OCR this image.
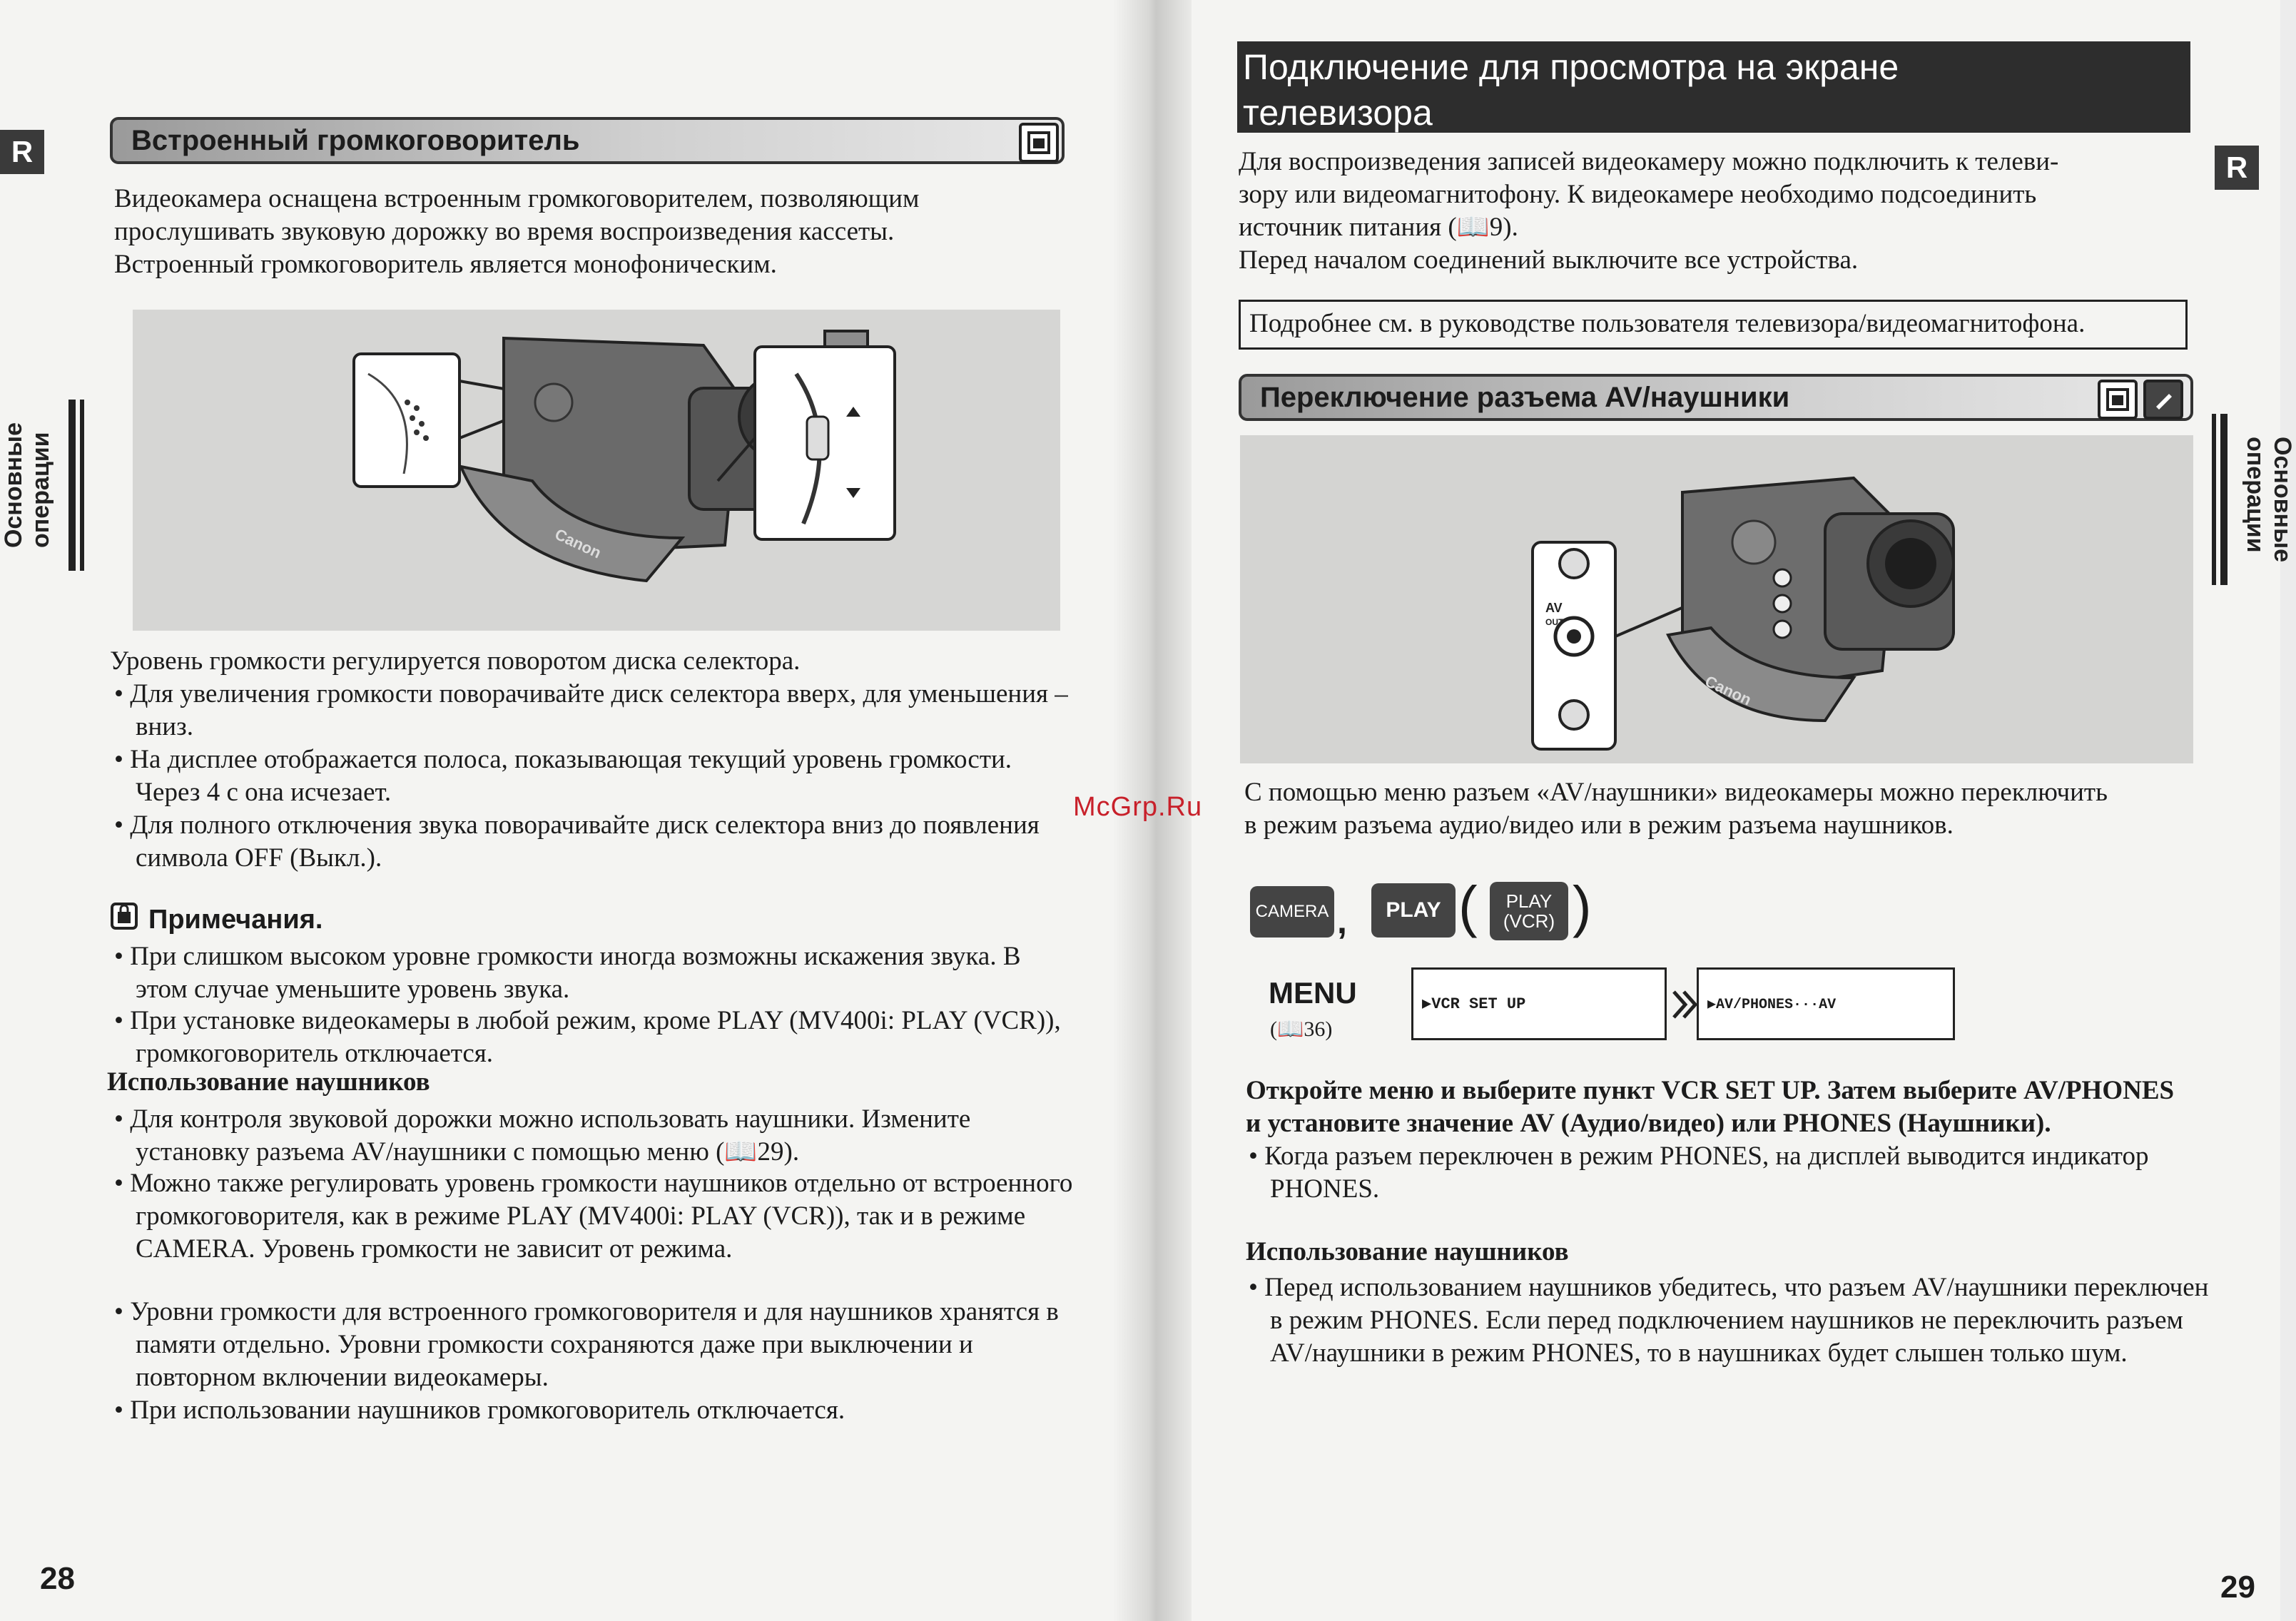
R
Основные
операции
Встроенный громкоговоритель
Видеокамера оснащена встроенным громкоговорителем, позволяющим
прослушивать звуковую дорожку во время воспроизведения кассеты.
Встроенный громкоговоритель является монофоническим.
Canon
Уровень громкости регулируется поворотом диска селектора.
• Для увеличения громкости поворачивайте диск селектора вверх, для уменьшения – вниз.
• На дисплее отображается полоса, показывающая текущий уровень громкости. Через 4 с она исчезает.
• Для полного отключения звука поворачивайте диск селектора вниз до появления символа OFF (Выкл.).
Примечания.
• При слишком высоком уровне громкости иногда возможны искажения звука. В этом случае уменьшите уровень звука.
• При установке видеокамеры в любой режим, кроме PLAY (MV400i: PLAY (VCR)), громкоговоритель отключается.
Использование наушников
• Для контроля звуковой дорожки можно использовать наушники. Измените установку разъема AV/наушники с помощью меню (📖29).
• Можно также регулировать уровень громкости наушников отдельно от встроенного громкоговорителя, как в режиме PLAY (MV400i: PLAY (VCR)), так и в режиме CAMERA. Уровень громкости не зависит от режима.
• Уровни громкости для встроенного громкоговорителя и для наушников хранятся в памяти отдельно. Уровни громкости сохраняются даже при выключении и повторном включении видеокамеры.
• При использовании наушников громкоговоритель отключается.
28
Подключение для просмотра на экране
телевизора
Для воспроизведения записей видеокамеру можно подключить к телеви-
зору или видеомагнитофону. К видеокамере необходимо подсоединить
источник питания (📖9).
Перед началом соединений выключите все устройства.
Подробнее см. в руководстве пользователя телевизора/видеомагнитофона.
Переключение разъема AV/наушники
AV
OUT
Canon
С помощью меню разъем «AV/наушники» видеокамеры можно переключить
в режим разъема аудио/видео или в режим разъема наушников.
CAMERA ,	PLAY ( PLAY
(VCR) )
MENU
(📖36)
▶VCR SET UP	▶AV/PHONES···AV
Откройте меню и выберите пункт VCR SET UP. Затем выберите AV/PHONES
и установите значение AV (Аудио/видео) или PHONES (Наушники).
• Когда разъем переключен в режим PHONES, на дисплей выводится индикатор PHONES.
Использование наушников
• Перед использованием наушников убедитесь, что разъем AV/наушники переключен в режим PHONES. Если перед подключением наушников не переключить разъем AV/наушники в режим PHONES, то в наушниках будет слышен только шум.
R
Основные
операции
29
McGrp.Ru
